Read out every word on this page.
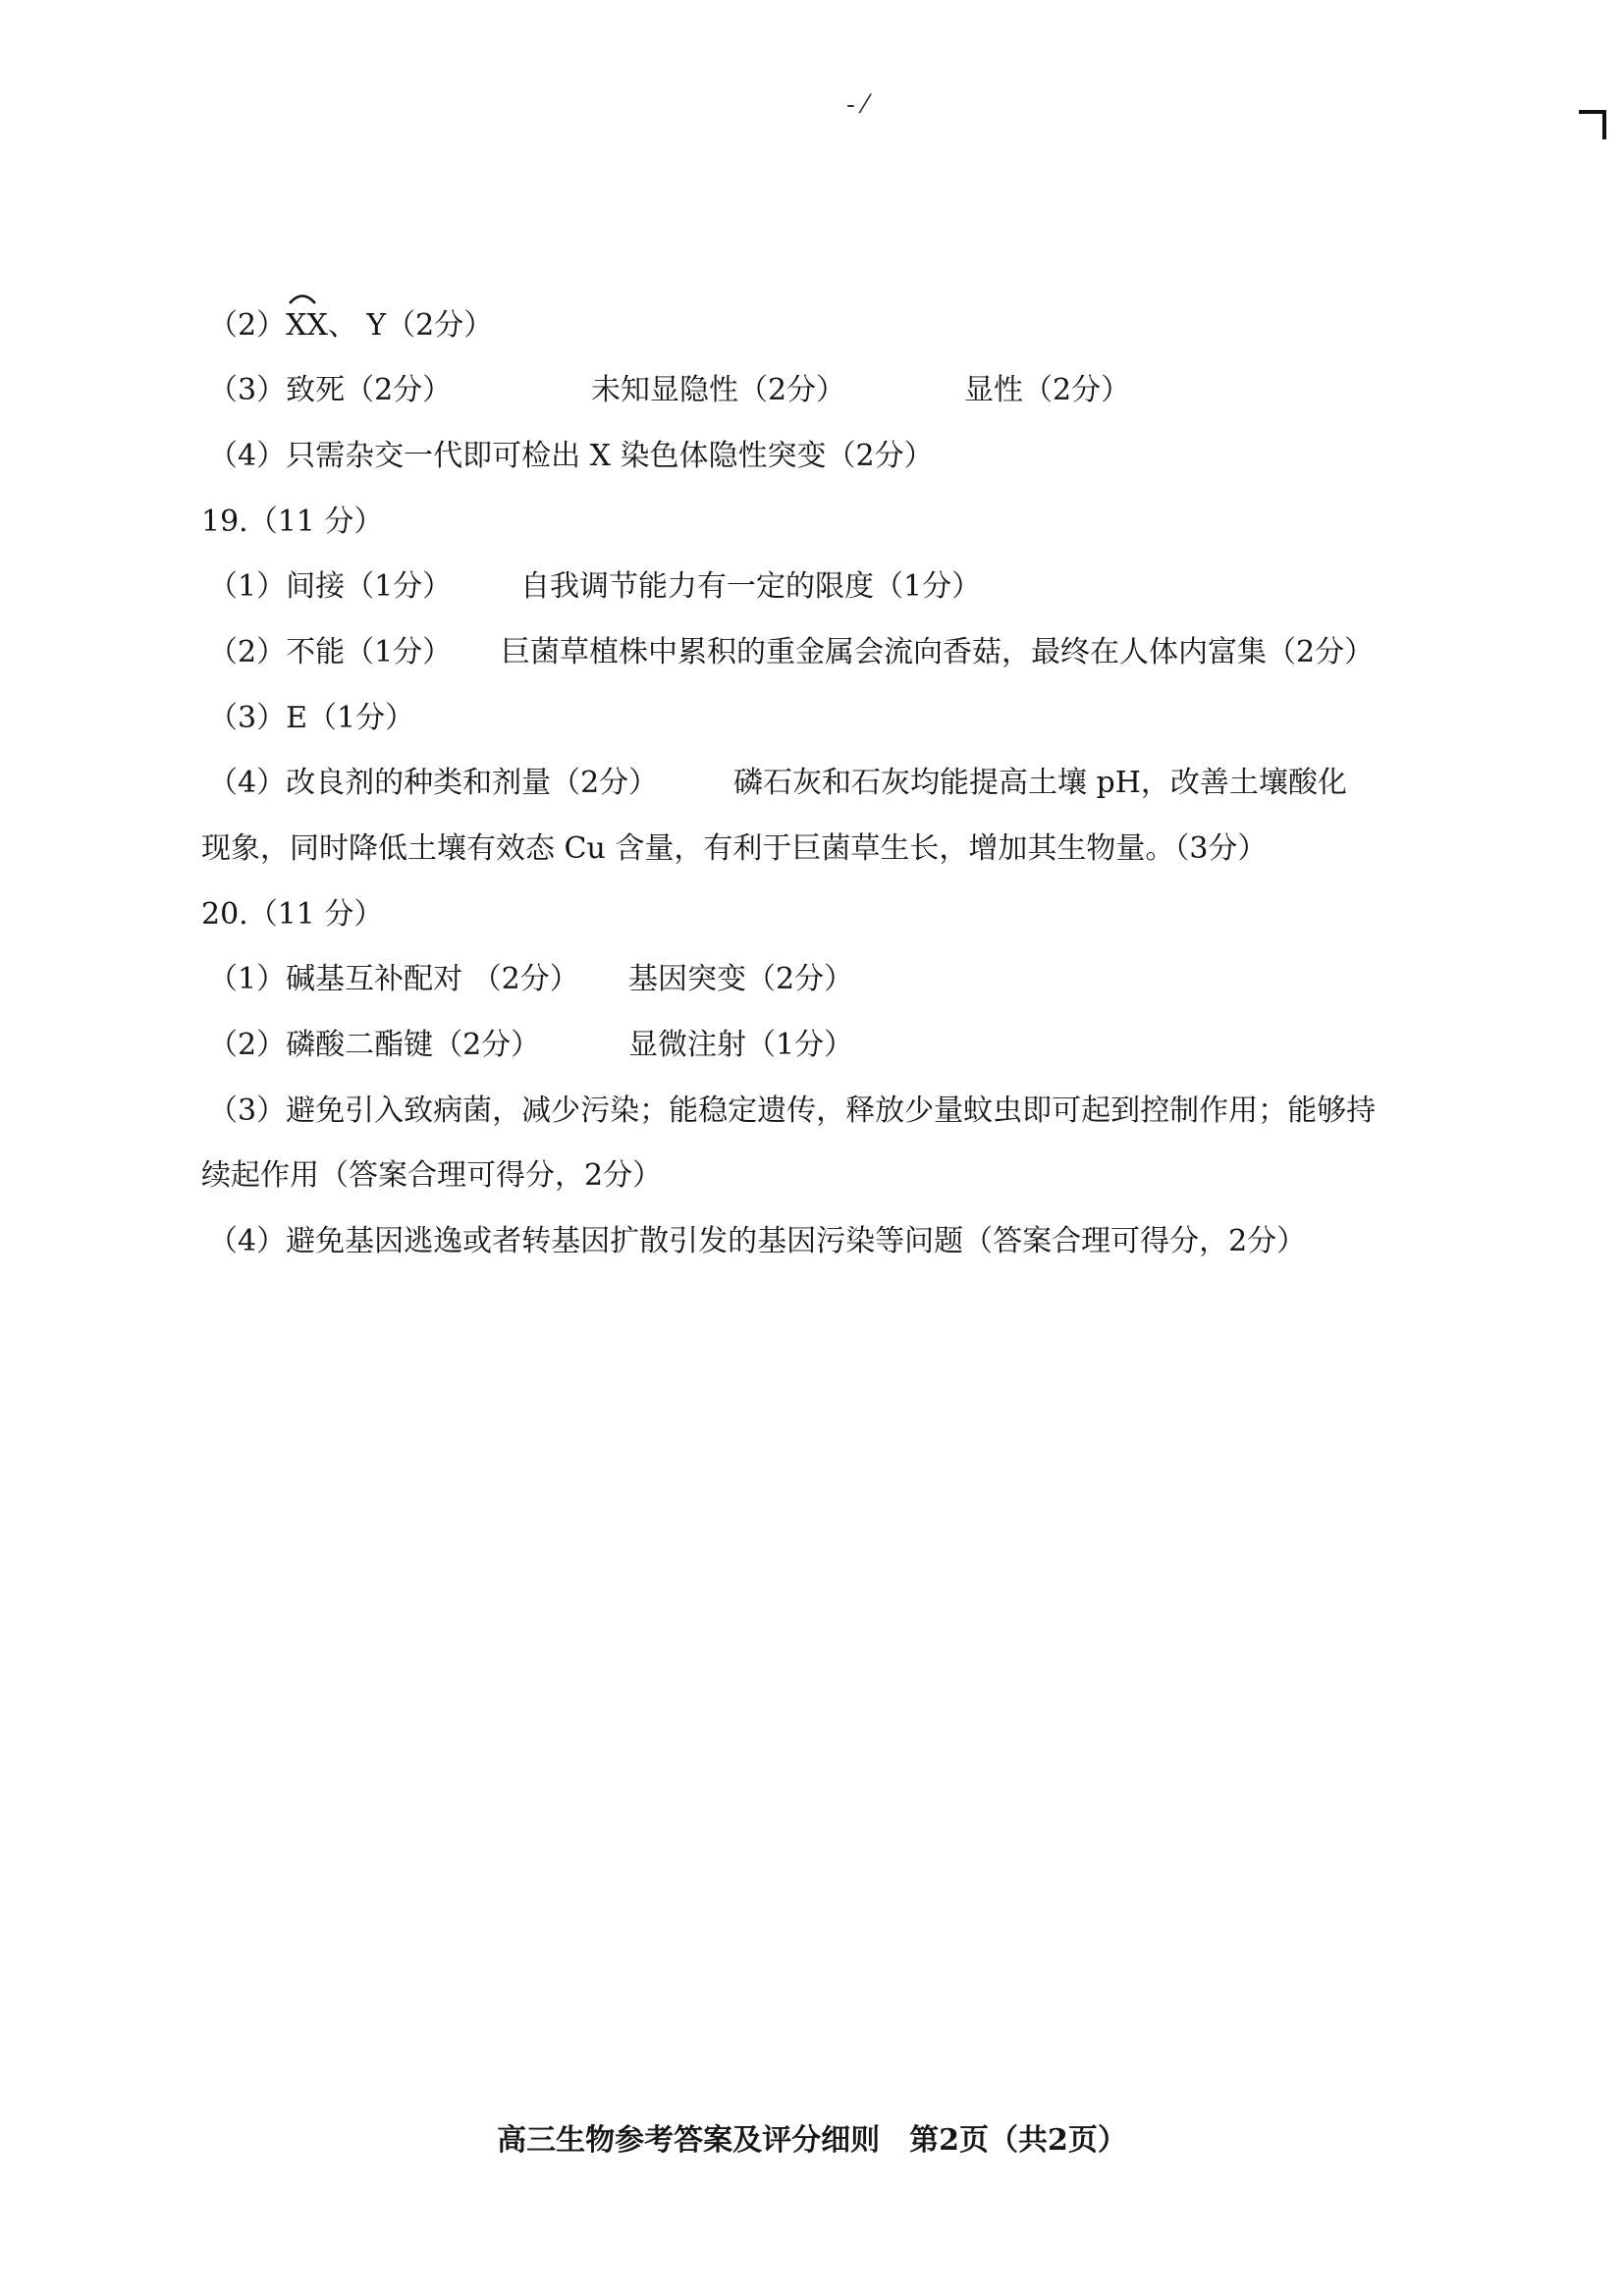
- ⁄
（2）
XX、 Y（2分）
（3）致死（2分）	未知显隐性（2分）	显性（2分）
（4）只需杂交一代即可检出 X 染色体隐性突变（2分）
19.（11 分）
（1）间接（1分） 自我调节能力有一定的限度（1分）
（2）不能（1分） 巨菌草植株中累积的重金属会流向香菇，最终在人体内富集（2分）
（3）E（1分）
（4）改良剂的种类和剂量（2分）	磷石灰和石灰均能提高土壤 pH，改善土壤酸化
现象，同时降低土壤有效态 Cu 含量，有利于巨菌草生长，增加其生物量。（3分）
20.（11 分）
（1）碱基互补配对 （2分） 基因突变（2分）
（2）磷酸二酯键（2分）	显微注射（1分）
（3）避免引入致病菌，减少污染；能稳定遗传，释放少量蚊虫即可起到控制作用；能够持
续起作用（答案合理可得分，2分）
（4）避免基因逃逸或者转基因扩散引发的基因污染等问题（答案合理可得分，2分）
高三生物参考答案及评分细则　第2页（共2页）
